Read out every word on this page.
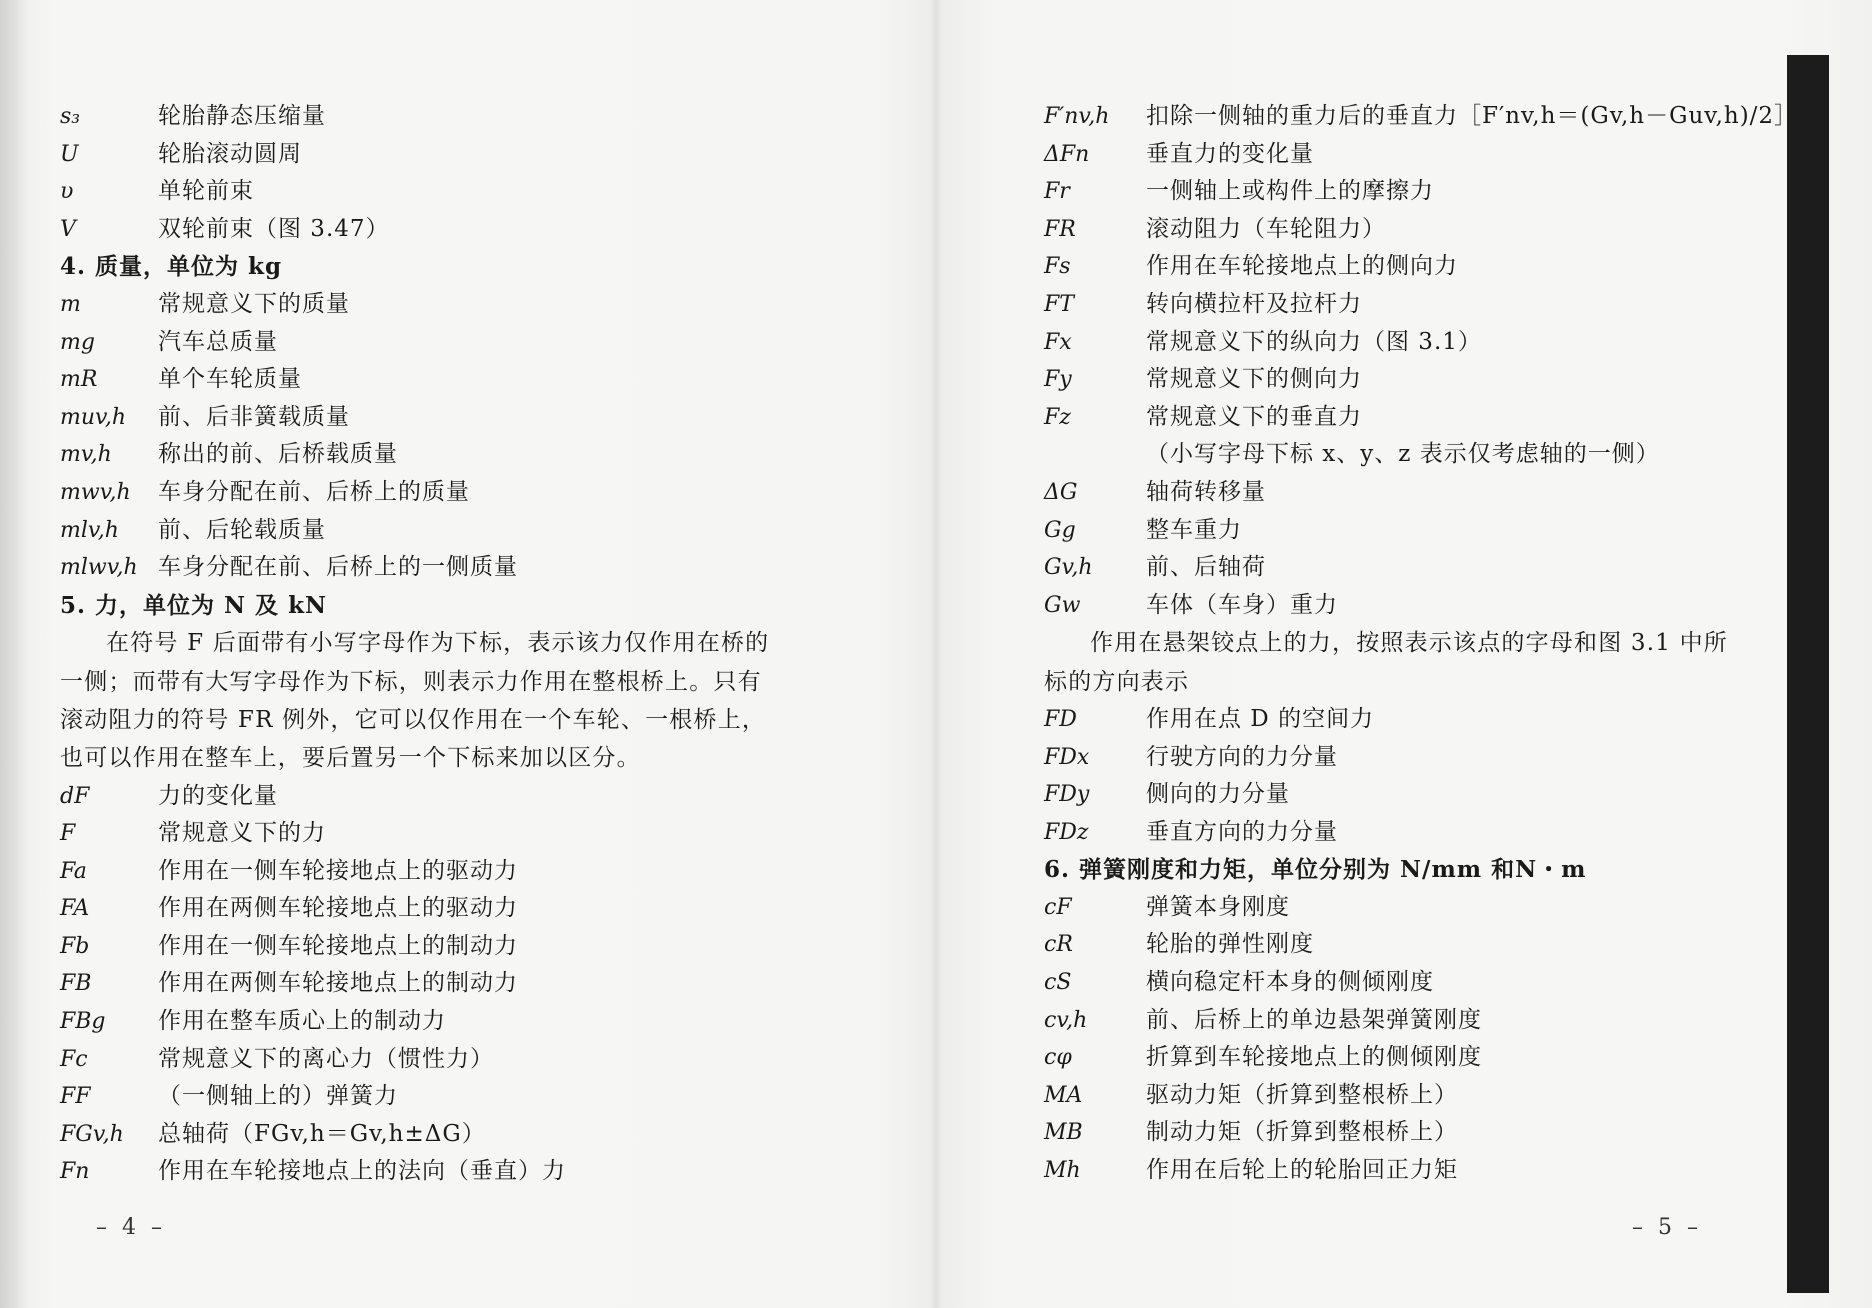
s₃	轮胎静态压缩量
U	轮胎滚动圆周
υ	单轮前束
V	双轮前束（图 3.47）
4. 质量，单位为 kg
m	常规意义下的质量
mg	汽车总质量
mR	单个车轮质量
muv,h	前、后非簧载质量
mv,h	称出的前、后桥载质量
mwv,h	车身分配在前、后桥上的质量
mlv,h	前、后轮载质量
mlwv,h 车身分配在前、后桥上的一侧质量
5. 力，单位为 N 及 kN
在符号 F 后面带有小写字母作为下标，表示该力仅作用在桥的一侧；而带有大写字母作为下标，则表示力作用在整根桥上。只有滚动阻力的符号 FR 例外，它可以仅作用在一个车轮、一根桥上，也可以作用在整车上，要后置另一个下标来加以区分。
dF	力的变化量
F	常规意义下的力
Fa	作用在一侧车轮接地点上的驱动力
FA	作用在两侧车轮接地点上的驱动力
Fb	作用在一侧车轮接地点上的制动力
FB	作用在两侧车轮接地点上的制动力
FBg	作用在整车质心上的制动力
Fc	常规意义下的离心力（惯性力）
FF	（一侧轴上的）弹簧力
FGv,h	总轴荷（FGv,h＝Gv,h±ΔG）
Fn	作用在车轮接地点上的法向（垂直）力
– 4 –
F′nv,h	扣除一侧轴的重力后的垂直力［F′nv,h＝(Gv,h－Guv,h)/2］
ΔFn	垂直力的变化量
Fr	一侧轴上或构件上的摩擦力
FR	滚动阻力（车轮阻力）
Fs	作用在车轮接地点上的侧向力
FT	转向横拉杆及拉杆力
Fx	常规意义下的纵向力（图 3.1）
Fy	常规意义下的侧向力
Fz	常规意义下的垂直力
（小写字母下标 x、y、z 表示仅考虑轴的一侧）
ΔG	轴荷转移量
Gg	整车重力
Gv,h	前、后轴荷
Gw	车体（车身）重力
作用在悬架铰点上的力，按照表示该点的字母和图 3.1 中所标的方向表示
FD	作用在点 D 的空间力
FDx	行驶方向的力分量
FDy	侧向的力分量
FDz	垂直方向的力分量
6. 弹簧刚度和力矩，单位分别为 N/mm 和N・m
cF	弹簧本身刚度
cR	轮胎的弹性刚度
cS	横向稳定杆本身的侧倾刚度
cv,h	前、后桥上的单边悬架弹簧刚度
cφ	折算到车轮接地点上的侧倾刚度
MA	驱动力矩（折算到整根桥上）
MB	制动力矩（折算到整根桥上）
Mh	作用在后轮上的轮胎回正力矩
– 5 –
